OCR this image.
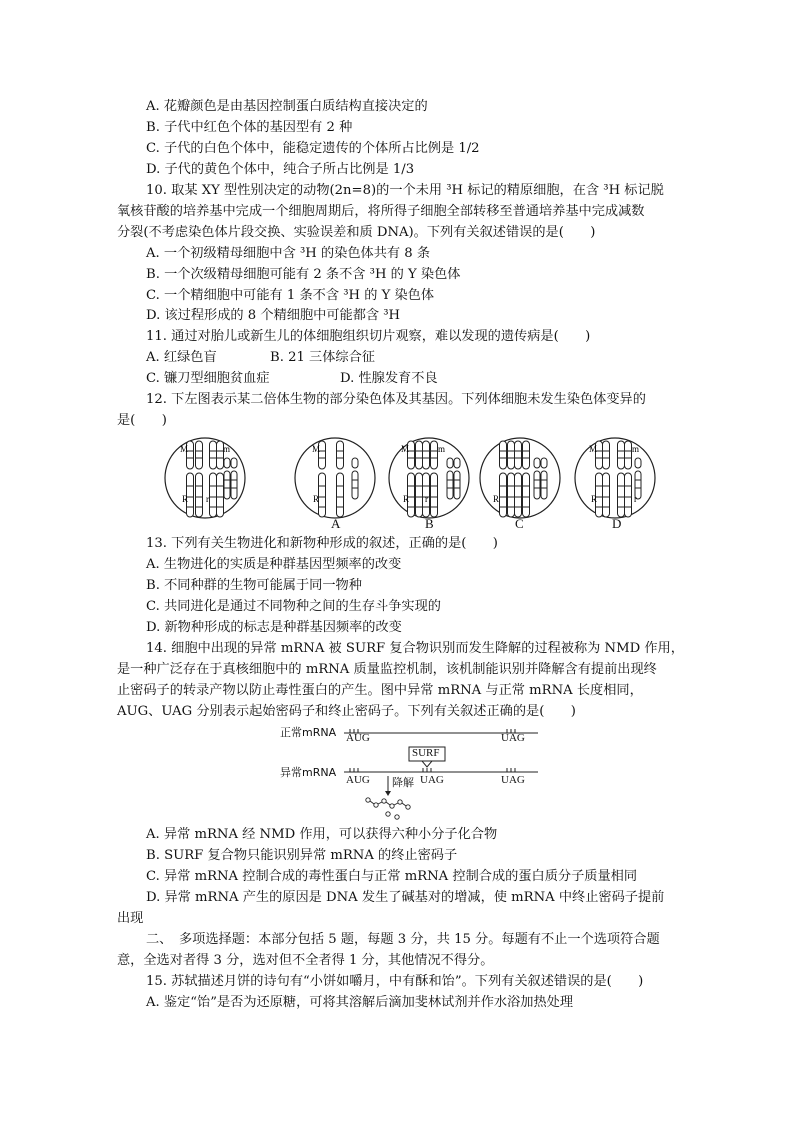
A. 花瓣颜色是由基因控制蛋白质结构直接决定的
B. 子代中红色个体的基因型有 2 种
C. 子代的白色个体中，能稳定遗传的个体所占比例是 1/2
D. 子代的黄色个体中，纯合子所占比例是 1/3
10. 取某 XY 型性别决定的动物(2n=8)的一个未用 ³H 标记的精原细胞，在含 ³H 标记脱
氧核苷酸的培养基中完成一个细胞周期后，将所得子细胞全部转移至普通培养基中完成减数
分裂(不考虑染色体片段交换、实验误差和质 DNA)。下列有关叙述错误的是(　　)
A. 一个初级精母细胞中含 ³H 的染色体共有 8 条
B. 一个次级精母细胞可能有 2 条不含 ³H 的 Y 染色体
C. 一个精细胞中可能有 1 条不含 ³H 的 Y 染色体
D. 该过程形成的 8 个精细胞中可能都含 ³H
11. 通过对胎儿或新生儿的体细胞组织切片观察，难以发现的遗传病是(　　)
A. 红绿色盲	B. 21 三体综合征
C. 镰刀型细胞贫血症	D. 性腺发育不良
12. 下左图表示某二倍体生物的部分染色体及其基因。下列体细胞未发生染色体变异的
是(　　)
M	m
R r
M
R
M	m
R r	R
M	m
R	r
A	B	C	D
13. 下列有关生物进化和新物种形成的叙述，正确的是(　　)
A. 生物进化的实质是种群基因型频率的改变
B. 不同种群的生物可能属于同一物种
C. 共同进化是通过不同物种之间的生存斗争实现的
D. 新物种形成的标志是种群基因频率的改变
14. 细胞中出现的异常 mRNA 被 SURF 复合物识别而发生降解的过程被称为 NMD 作用，
是一种广泛存在于真核细胞中的 mRNA 质量监控机制，该机制能识别并降解含有提前出现终
止密码子的转录产物以防止毒性蛋白的产生。图中异常 mRNA 与正常 mRNA 长度相同，
AUG、UAG 分别表示起始密码子和终止密码子。下列有关叙述正确的是(　　)
正常mRNA AUG	UAG
SURF
异常mRNA
AUG 降解 UAG	UAG
A. 异常 mRNA 经 NMD 作用，可以获得六种小分子化合物
B. SURF 复合物只能识别异常 mRNA 的终止密码子
C. 异常 mRNA 控制合成的毒性蛋白与正常 mRNA 控制合成的蛋白质分子质量相同
D. 异常 mRNA 产生的原因是 DNA 发生了碱基对的增减，使 mRNA 中终止密码子提前
出现
二、　多项选择题：本部分包括 5 题，每题 3 分，共 15 分。每题有不止一个选项符合题
意，全选对者得 3 分，选对但不全者得 1 分，其他情况不得分。
15. 苏轼描述月饼的诗句有“小饼如嚼月，中有酥和饴”。下列有关叙述错误的是(　　)
A. 鉴定“饴”是否为还原糖，可将其溶解后滴加斐林试剂并作水浴加热处理
